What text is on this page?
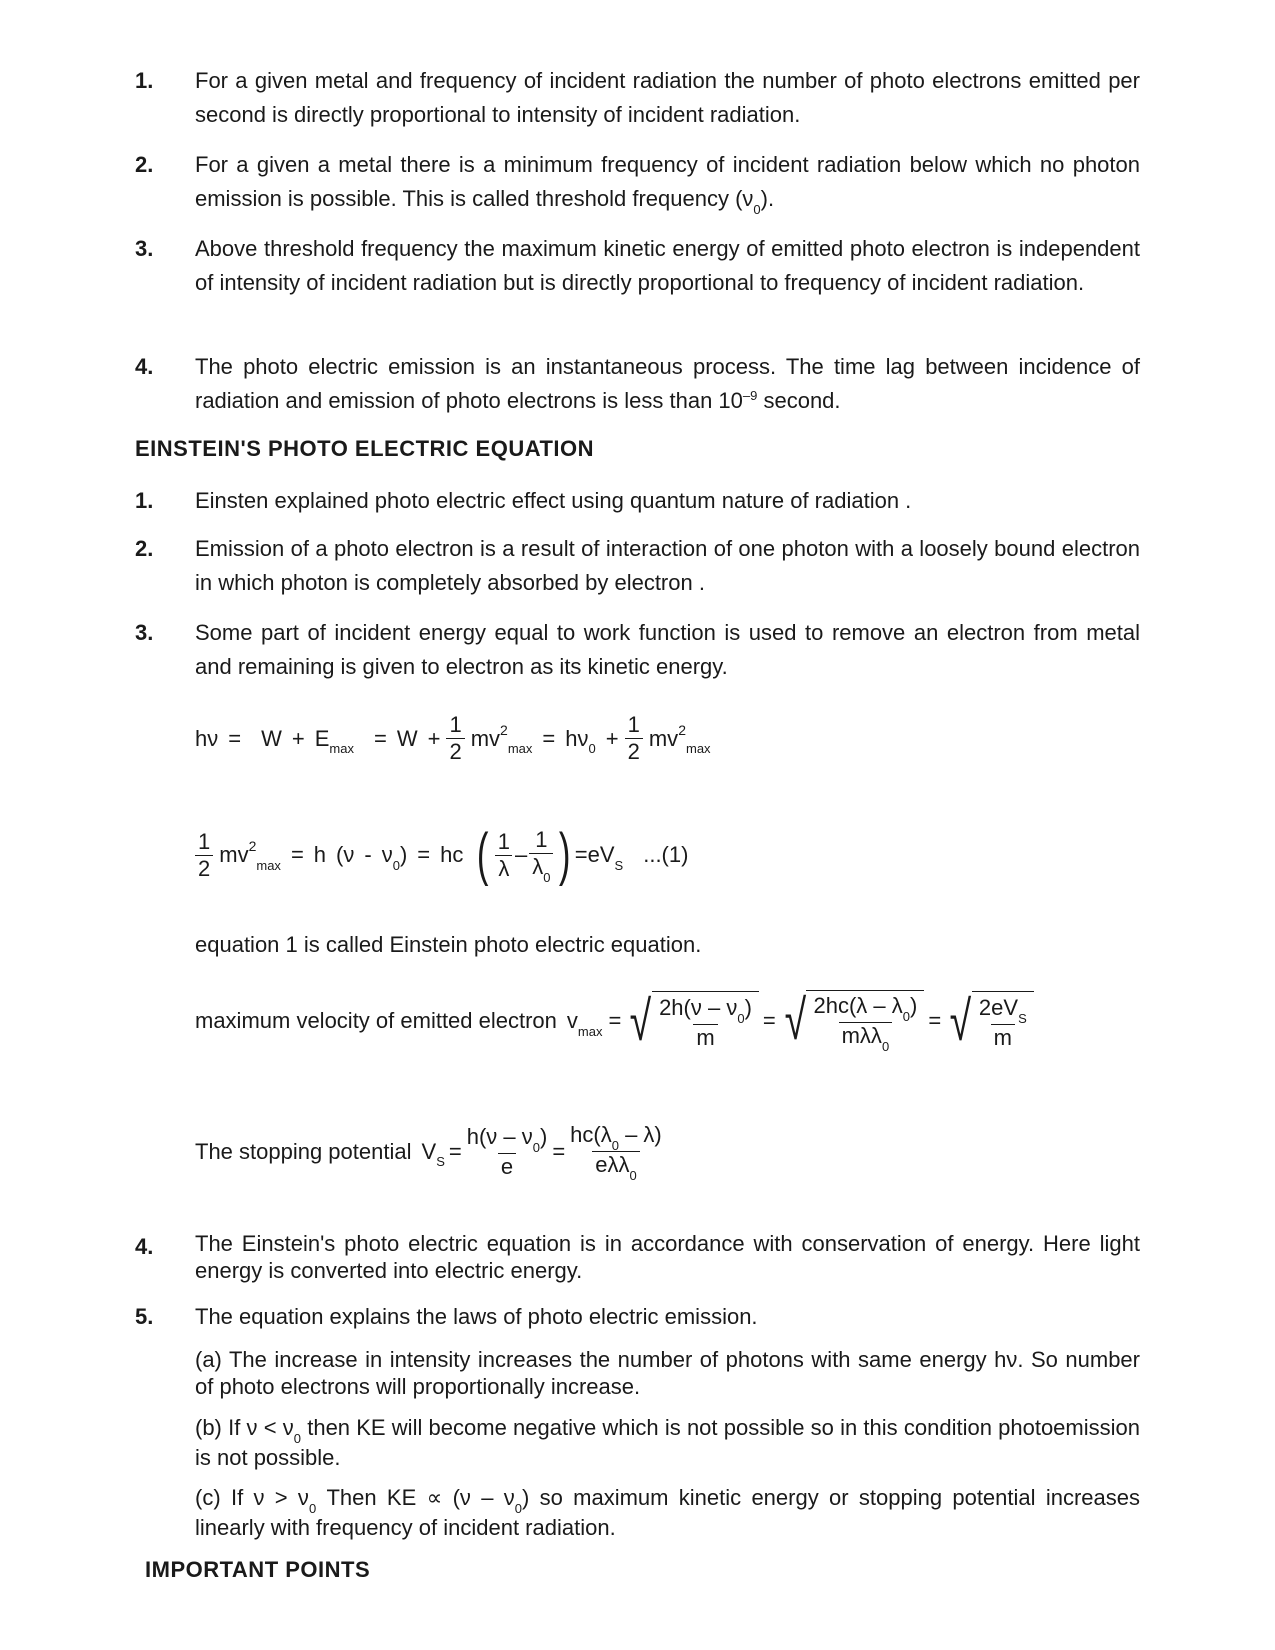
1.	For a given metal and frequency of incident radiation the number of photo electrons emitted per second is directly proportional to intensity of incident radiation.
2.	For a given a metal there is a minimum frequency of incident radiation below which no photon emission is possible. This is called threshold frequency $(\nu_0)$.
3.	Above threshold frequency the maximum kinetic energy of emitted photo electron is independent of intensity of incident radiation but is directly proportional to frequency of incident radiation.
4.	The photo electric emission is an instantaneous process. The time lag between incidence of radiation and emission of photo electrons is less than $10^{-9}$ second.
EINSTEIN'S PHOTO ELECTRIC EQUATION
1.	Einsten explained photo electric effect using quantum nature of radiation .
2.	Emission of a photo electron is a result of interaction of one photon with a loosely bound electron in which photon is completely absorbed by electron .
3.	Some part of incident energy equal to work function is used to remove an electron from metal and remaining is given to electron as its kinetic energy.
hν = W + E $\max = W + \frac{1}{2}$ mv 2
max = hν $0 + \frac{1}{2}$ mv 2
max
$\frac{1}{2}$ mv 2
max = h (ν - ν 0 ) = hc ( $\frac{1}{\lambda} - \frac{1}{\lambda_0}$ ) = eV S ...(1)
equation 1 is called Einstein photo electric equation.
maximum velocity of emitted electron v max = √ $\frac{2h(\nu - \nu_0)}{m}$ = √ $\frac{2hc(\lambda - \lambda_0)}{m\lambda\lambda_0}$ = √ $\frac{2eV_S}{m}$
The stopping potential V $S = \frac{h(\nu - \nu_0)}{e} = \frac{hc(\lambda_0 - \lambda)}{e\lambda\lambda_0}$
4.	The Einstein's photo electric equation is in accordance with conservation of energy. Here light energy is converted into electric energy.
5.	The equation explains the laws of photo electric emission.
(a) The increase in intensity increases the number of photons with same energy hν. So number of photo electrons will proportionally increase.
(b) If $\nu < \nu_0$ then KE will become negative which is not possible so in this condition photoemission is not possible.
(c) If $\nu > \nu_0$ Then KE ∝ $(\nu - \nu_0)$ so maximum kinetic energy or stopping potential increases linearly with frequency of incident radiation.
IMPORTANT POINTS
